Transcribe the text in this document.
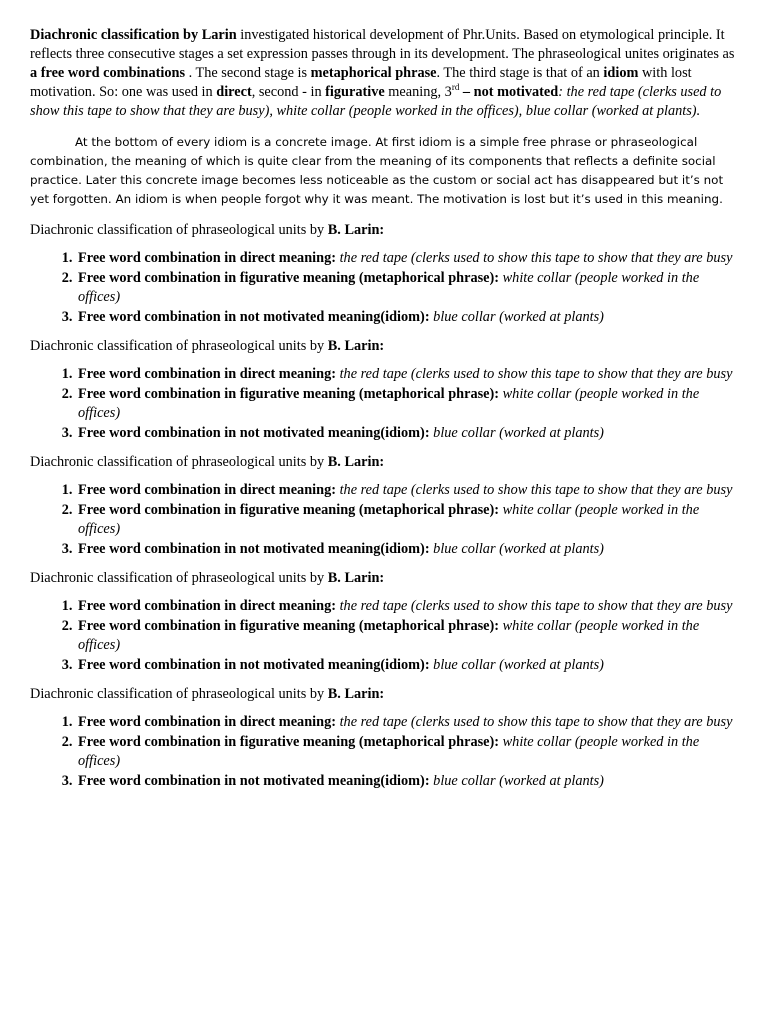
Diachronic classification by Larin investigated historical development of Phr.Units. Based on etymological principle. It reflects three consecutive stages a set expression passes through in its development. The phraseological unites originates as a free word combinations . The second stage is metaphorical phrase. The third stage is that of an idiom with lost motivation. So: one was used in direct, second - in figurative meaning, 3rd – not motivated: the red tape (clerks used to show this tape to show that they are busy), white collar (people worked in the offices), blue collar (worked at plants).

At the bottom of every idiom is a concrete image. At first idiom is a simple free phrase or phraseological combination, the meaning of which is quite clear from the meaning of its components that reflects a definite social practice. Later this concrete image becomes less noticeable as the custom or social act has disappeared but it’s not yet forgotten. An idiom is when people forgot why it was meant. The motivation is lost but it’s used in this meaning.

Diachronic classification of phraseological units by B. Larin:

1. Free word combination in direct meaning: the red tape (clerks used to show this tape to show that they are busy
2. Free word combination in figurative meaning (metaphorical phrase): white collar (people worked in the offices)
3. Free word combination in not motivated meaning(idiom): blue collar (worked at plants)

Diachronic classification of phraseological units by B. Larin:

1. Free word combination in direct meaning: the red tape (clerks used to show this tape to show that they are busy
2. Free word combination in figurative meaning (metaphorical phrase): white collar (people worked in the offices)
3. Free word combination in not motivated meaning(idiom): blue collar (worked at plants)

Diachronic classification of phraseological units by B. Larin:

1. Free word combination in direct meaning: the red tape (clerks used to show this tape to show that they are busy
2. Free word combination in figurative meaning (metaphorical phrase): white collar (people worked in the offices)
3. Free word combination in not motivated meaning(idiom): blue collar (worked at plants)

Diachronic classification of phraseological units by B. Larin:

1. Free word combination in direct meaning: the red tape (clerks used to show this tape to show that they are busy
2. Free word combination in figurative meaning (metaphorical phrase): white collar (people worked in the offices)
3. Free word combination in not motivated meaning(idiom): blue collar (worked at plants)

Diachronic classification of phraseological units by B. Larin:

1. Free word combination in direct meaning: the red tape (clerks used to show this tape to show that they are busy
2. Free word combination in figurative meaning (metaphorical phrase): white collar (people worked in the offices)
3. Free word combination in not motivated meaning(idiom): blue collar (worked at plants)
